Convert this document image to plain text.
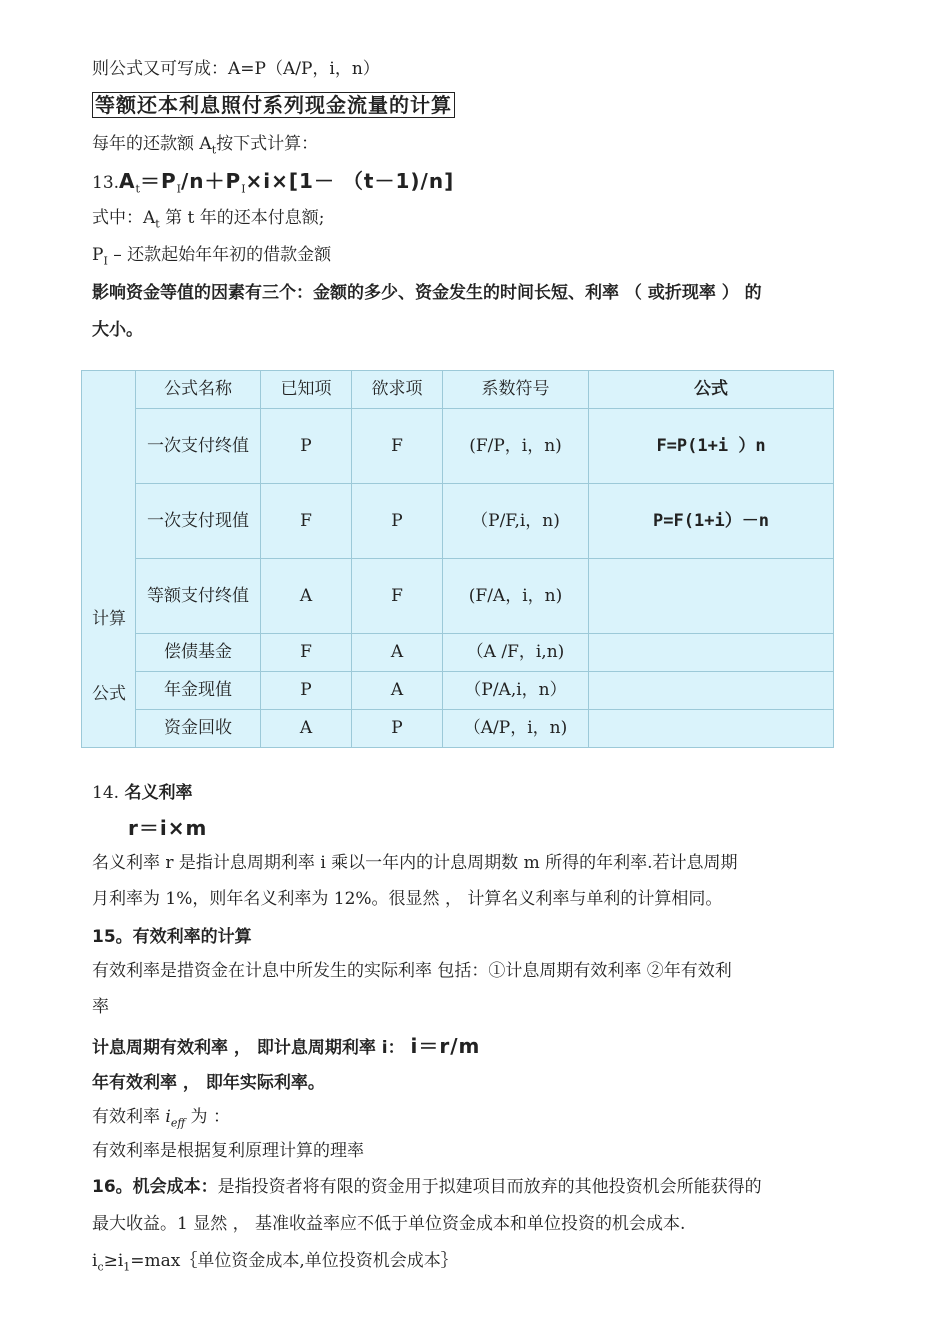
则公式又可写成：A=P（A/P，i，n）
等额还本利息照付系列现金流量的计算
每年的还款额 $A_t$按下式计算：
$13.A_t=P_I/n+P_I\times i\times[1- (t-1)/n]$
式中：$A_t$ 第 t 年的还本付息额;
$P_I$ – 还款起始年年初的借款金额
影响资金等值的因素有三个：金额的多少、资金发生的时间长短、利率 （ 或折现率 ） 的
大小。
计算
公式	公式名称	已知项	欲求项	系数符号	公式
	一次支付终值	P	F	(F/P，i，n)	F=P(1+i ）n
	一次支付现值	F	P	（P/F,i，n)	P=F(1+i）－n
	等额支付终值	A	F	(F/A，i，n)	
	偿债基金	F	A	（A /F，i,n)	
	年金现值	P	A	（P/A,i，n）	
	资金回收	A	P	（A/P，i，n)	
14. 名义利率
r＝i×m
名义利率 r 是指计息周期利率 i 乘以一年内的计息周期数 m 所得的年利率.若计息周期
月利率为 1%，则年名义利率为 12%。很显然 ， 计算名义利率与单利的计算相同。
15。有效利率的计算
有效利率是措资金在计息中所发生的实际利率 包括：①计息周期有效利率 ②年有效利
率
计息周期有效利率 ， 即计息周期利率 i： i＝r/m
年有效利率 ， 即年实际利率。
有效利率 $i_{eff}$ 为 ：
有效利率是根据复利原理计算的理率
16。机会成本：是指投资者将有限的资金用于拟建项目而放弃的其他投资机会所能获得的
最大收益。1 显然 ， 基准收益率应不低于单位资金成本和单位投资的机会成本.
$i_c\ge i_1=\max\{$单位资金成本,单位投资机会成本｝
